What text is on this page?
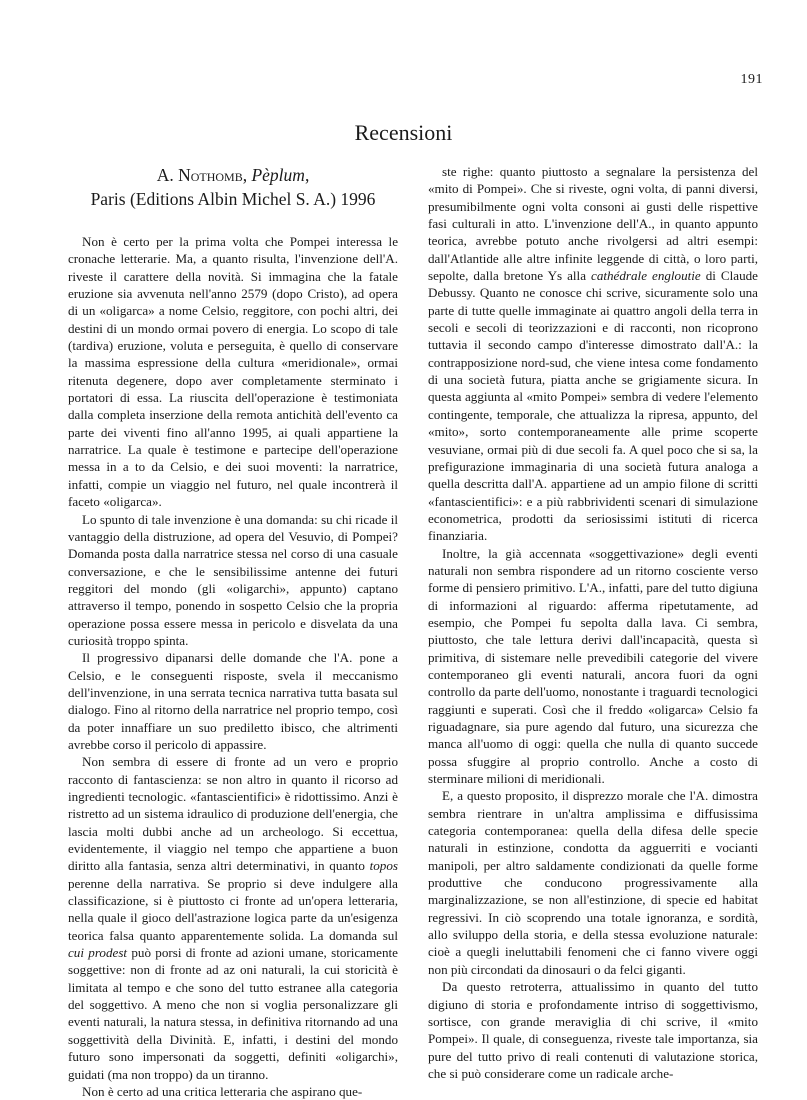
191
Recensioni
A. Nothomb, Pèplum,
Paris (Editions Albin Michel S. A.) 1996

Non è certo per la prima volta che Pompei interessa le cronache letterarie. Ma, a quanto risulta, l'invenzione dell'A. riveste il carattere della novità. Si immagina che la fatale eruzione sia avvenuta nell'anno 2579 (dopo Cristo), ad opera di un «oligarca» a nome Celsio, reggitore, con pochi altri, dei destini di un mondo ormai povero di energia. Lo scopo di tale (tardiva) eruzione, voluta e perseguita, è quello di conservare la massima espressione della cultura «meridionale», ormai ritenuta degenere, dopo aver completamente sterminato i portatori di essa. La riuscita dell'operazione è testimoniata dalla completa inserzione della remota antichità dell'evento ca parte dei viventi fino all'anno 1995, ai quali appartiene la narratrice. La quale è testimone e partecipe dell'operazione messa in a to da Celsio, e dei suoi moventi: la narratrice, infatti, compie un viaggio nel futuro, nel quale incontrerà il faceto «oligarca».

Lo spunto di tale invenzione è una domanda: su chi ricade il vantaggio della distruzione, ad opera del Vesuvio, di Pompei? Domanda posta dalla narratrice stessa nel corso di una casuale conversazione, e che le sensibilissime antenne dei futuri reggitori del mondo (gli «oligarchi», appunto) captano attraverso il tempo, ponendo in sospetto Celsio che la propria operazione possa essere messa in pericolo e disvelata da una curiosità troppo spinta.

Il progressivo dipanarsi delle domande che l'A. pone a Celsio, e le conseguenti risposte, svela il meccanismo dell'invenzione, in una serrata tecnica narrativa tutta basata sul dialogo. Fino al ritorno della narratrice nel proprio tempo, così da poter innaffiare un suo prediletto ibisco, che altrimenti avrebbe corso il pericolo di appassire.

Non sembra di essere di fronte ad un vero e proprio racconto di fantascienza: se non altro in quanto il ricorso ad ingredienti tecnologic. «fantascientifici» è ridottissimo. Anzi è ristretto ad un sistema idraulico di produzione dell'energia, che lascia molti dubbi anche ad un archeologo. Si eccettua, evidentemente, il viaggio nel tempo che appartiene a buon diritto alla fantasia, senza altri determinativi, in quanto topos perenne della narrativa. Se proprio si deve indulgere alla classificazione, si è piuttosto ci fronte ad un'opera letteraria, nella quale il gioco dell'astrazione logica parte da un'esigenza teorica falsa quanto apparentemente solida. La domanda sul cui prodest può porsi di fronte ad azioni umane, storicamente soggettive: non di fronte ad az oni naturali, la cui storicità è limitata al tempo e che sono del tutto estranee alla categoria del soggettivo. A meno che non si voglia personalizzare gli eventi naturali, la natura stessa, in definitiva ritornando ad una soggettività della Divinità. E, infatti, i destini del mondo futuro sono impersonati da soggetti, definiti «oligarchi», guidati (ma non troppo) da un tiranno.

Non è certo ad una critica letteraria che aspirano que-

ste righe: quanto piuttosto a segnalare la persistenza del «mito di Pompei». Che si riveste, ogni volta, di panni diversi, presumibilmente ogni volta consoni ai gusti delle rispettive fasi culturali in atto. L'invenzione dell'A., in quanto appunto teorica, avrebbe potuto anche rivolgersi ad altri esempi: dall'Atlantide alle altre infinite leggende di città, o loro parti, sepolte, dalla bretone Ys alla cathédrale engloutie di Claude Debussy. Quanto ne conosce chi scrive, sicuramente solo una parte di tutte quelle immaginate ai quattro angoli della terra in secoli e secoli di teorizzazioni e di racconti, non ricoprono tuttavia il secondo campo d'interesse dimostrato dall'A.: la contrapposizione nord-sud, che viene intesa come fondamento di una società futura, piatta anche se grigiamente sicura. In questa aggiunta al «mito Pompei» sembra di vedere l'elemento contingente, temporale, che attualizza la ripresa, appunto, del «mito», sorto contemporaneamente alle prime scoperte vesuviane, ormai più di due secoli fa. A quel poco che si sa, la prefigurazione immaginaria di una società futura analoga a quella descritta dall'A. appartiene ad un ampio filone di scritti «fantascientifici»: e a più rabbrividenti scenari di simulazione econometrica, prodotti da seriosissimi istituti di ricerca finanziaria.

Inoltre, la già accennata «soggettivazione» degli eventi naturali non sembra rispondere ad un ritorno cosciente verso forme di pensiero primitivo. L'A., infatti, pare del tutto digiuna di informazioni al riguardo: afferma ripetutamente, ad esempio, che Pompei fu sepolta dalla lava. Ci sembra, piuttosto, che tale lettura derivi dall'incapacità, questa sì primitiva, di sistemare nelle prevedibili categorie del vivere contemporaneo gli eventi naturali, ancora fuori da ogni controllo da parte dell'uomo, nonostante i traguardi tecnologici raggiunti e superati. Così che il freddo «oligarca» Celsio fa riguadagnare, sia pure agendo dal futuro, una sicurezza che manca all'uomo di oggi: quella che nulla di quanto succede possa sfuggire al proprio controllo. Anche a costo di sterminare milioni di meridionali.

E, a questo proposito, il disprezzo morale che l'A. dimostra sembra rientrare in un'altra amplissima e diffusissima categoria contemporanea: quella della difesa delle specie naturali in estinzione, condotta da agguerriti e vocianti manipoli, per altro saldamente condizionati da quelle forme produttive che conducono progressivamente alla marginalizzazione, se non all'estinzione, di specie ed habitat regressivi. In ciò scoprendo una totale ignoranza, e sordità, allo sviluppo della storia, e della stessa evoluzione naturale: cioè a quegli ineluttabili fenomeni che ci fanno vivere oggi non più circondati da dinosauri o da felci giganti.

Da questo retroterra, attualissimo in quanto del tutto digiuno di storia e profondamente intriso di soggettivismo, sortisce, con grande meraviglia di chi scrive, il «mito Pompei». Il quale, di conseguenza, riveste tale importanza, sia pure del tutto privo di reali contenuti di valutazione storica, che si può considerare come un radicale arche-
